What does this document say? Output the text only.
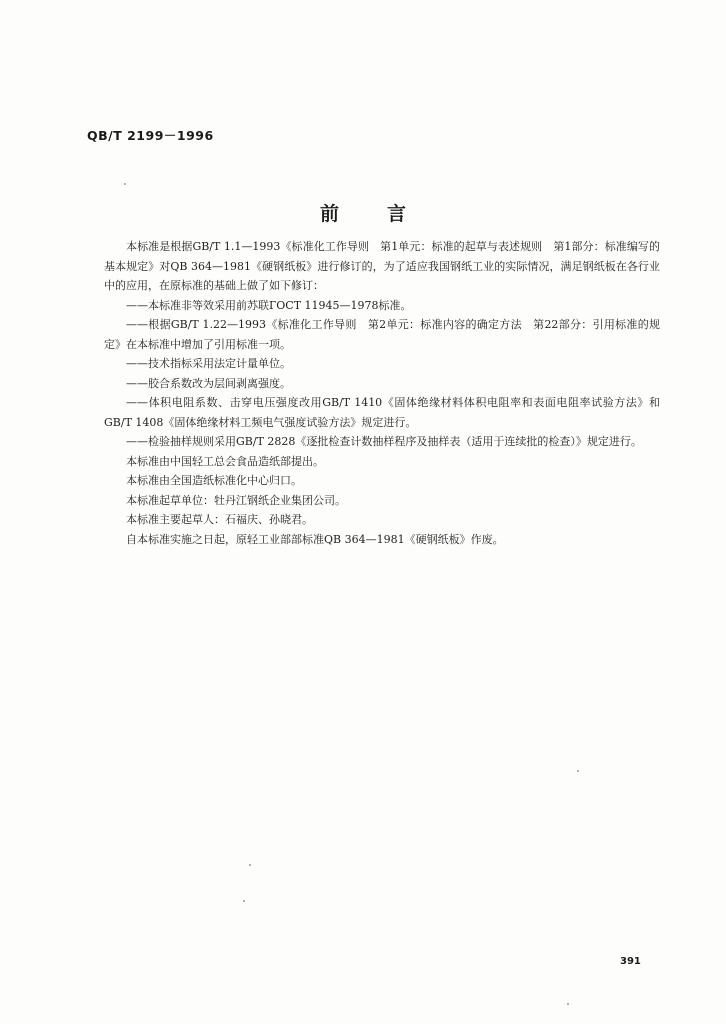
QB/T 2199－1996
前	言

本标准是根据GB/T 1.1—1993《标准化工作导则　第1单元：标准的起草与表述规则　第1部分：标准编写的基本规定》对QB 364—1981《硬钢纸板》进行修订的，为了适应我国钢纸工业的实际情况，满足钢纸板在各行业中的应用，在原标准的基础上做了如下修订：

——本标准非等效采用前苏联ГОСТ 11945—1978标准。

——根据GB/T 1.22—1993《标准化工作导则　第2单元：标准内容的确定方法　第22部分：引用标准的规定》在本标准中增加了引用标准一项。

——技术指标采用法定计量单位。

——胶合系数改为层间剥离强度。

——体积电阻系数、击穿电压强度改用GB/T 1410《固体绝缘材料体积电阻率和表面电阻率试验方法》和GB/T 1408《固体绝缘材料工频电气强度试验方法》规定进行。

——检验抽样规则采用GB/T 2828《逐批检查计数抽样程序及抽样表（适用于连续批的检查）》规定进行。

本标准由中国轻工总会食品造纸部提出。

本标准由全国造纸标准化中心归口。

本标准起草单位：牡丹江钢纸企业集团公司。

本标准主要起草人：石福庆、孙晓君。

自本标准实施之日起，原轻工业部部标准QB 364—1981《硬钢纸板》作废。

391
